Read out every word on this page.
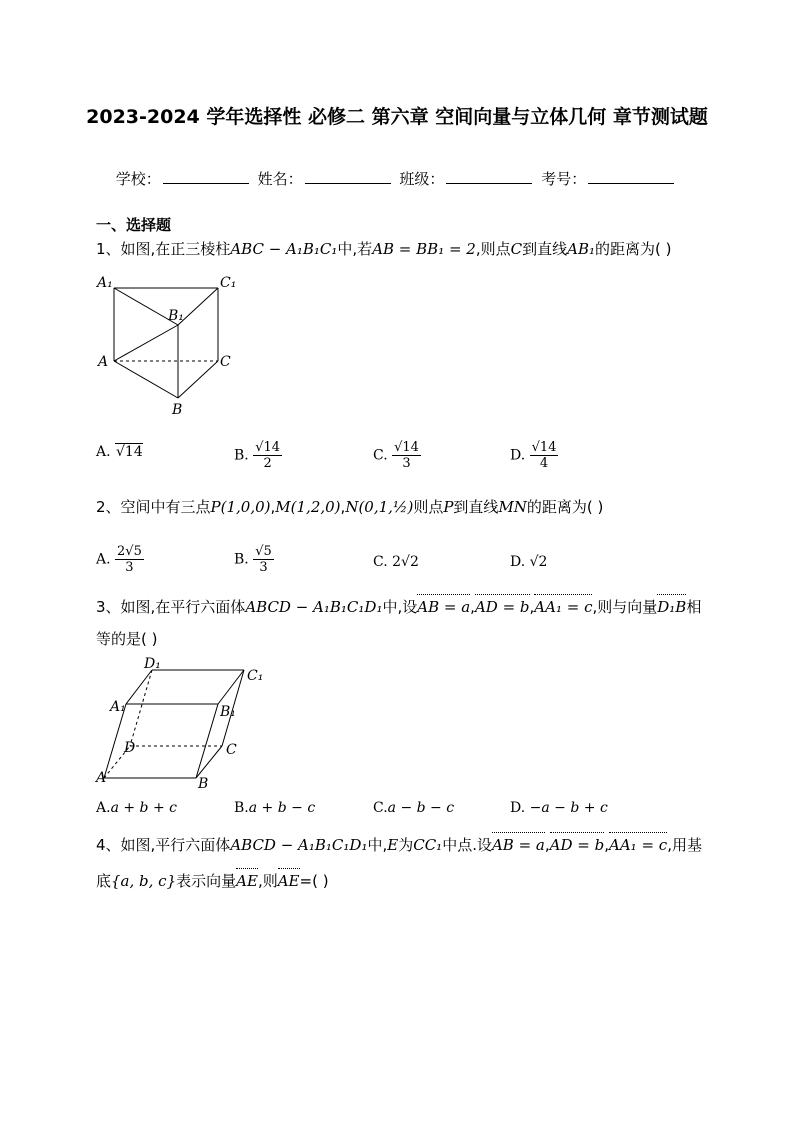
2023-2024 学年选择性 必修二 第六章 空间向量与立体几何 章节测试题
学校：	姓名：	班级：	考号：
一、选择题
1、如图,在正三棱柱ABC − A₁B₁C₁中,若AB = BB₁ = 2,则点C到直线AB₁的距离为( )
A₁	C₁
B₁
A	C
B
A. √14	B. $\frac{√14}{2}$	C. $\frac{√14}{3}$	D. $\frac{√14}{4}$
2、空间中有三点P(1,0,0),M(1,2,0),N(0,1,½)则点P到直线MN的距离为( )
A. $\frac{2√5}{3}$	B. $\frac{√5}{3}$	C. 2√2	D. √2
3、如图,在平行六面体ABCD − A₁B₁C₁D₁中,设AB = a,AD = b,AA₁ = c,则与向量D₁B相
等的是( )
D₁
C₁
A₁	B₁
D	C
A	B
A.a + b + c	B.a + b − c	C.a − b − c	D. −a − b + c
4、如图,平行六面体ABCD − A₁B₁C₁D₁中,E为CC₁中点.设AB = a,AD = b,AA₁ = c,用基
底{a, b, c}表示向量AE,则AE=( )
